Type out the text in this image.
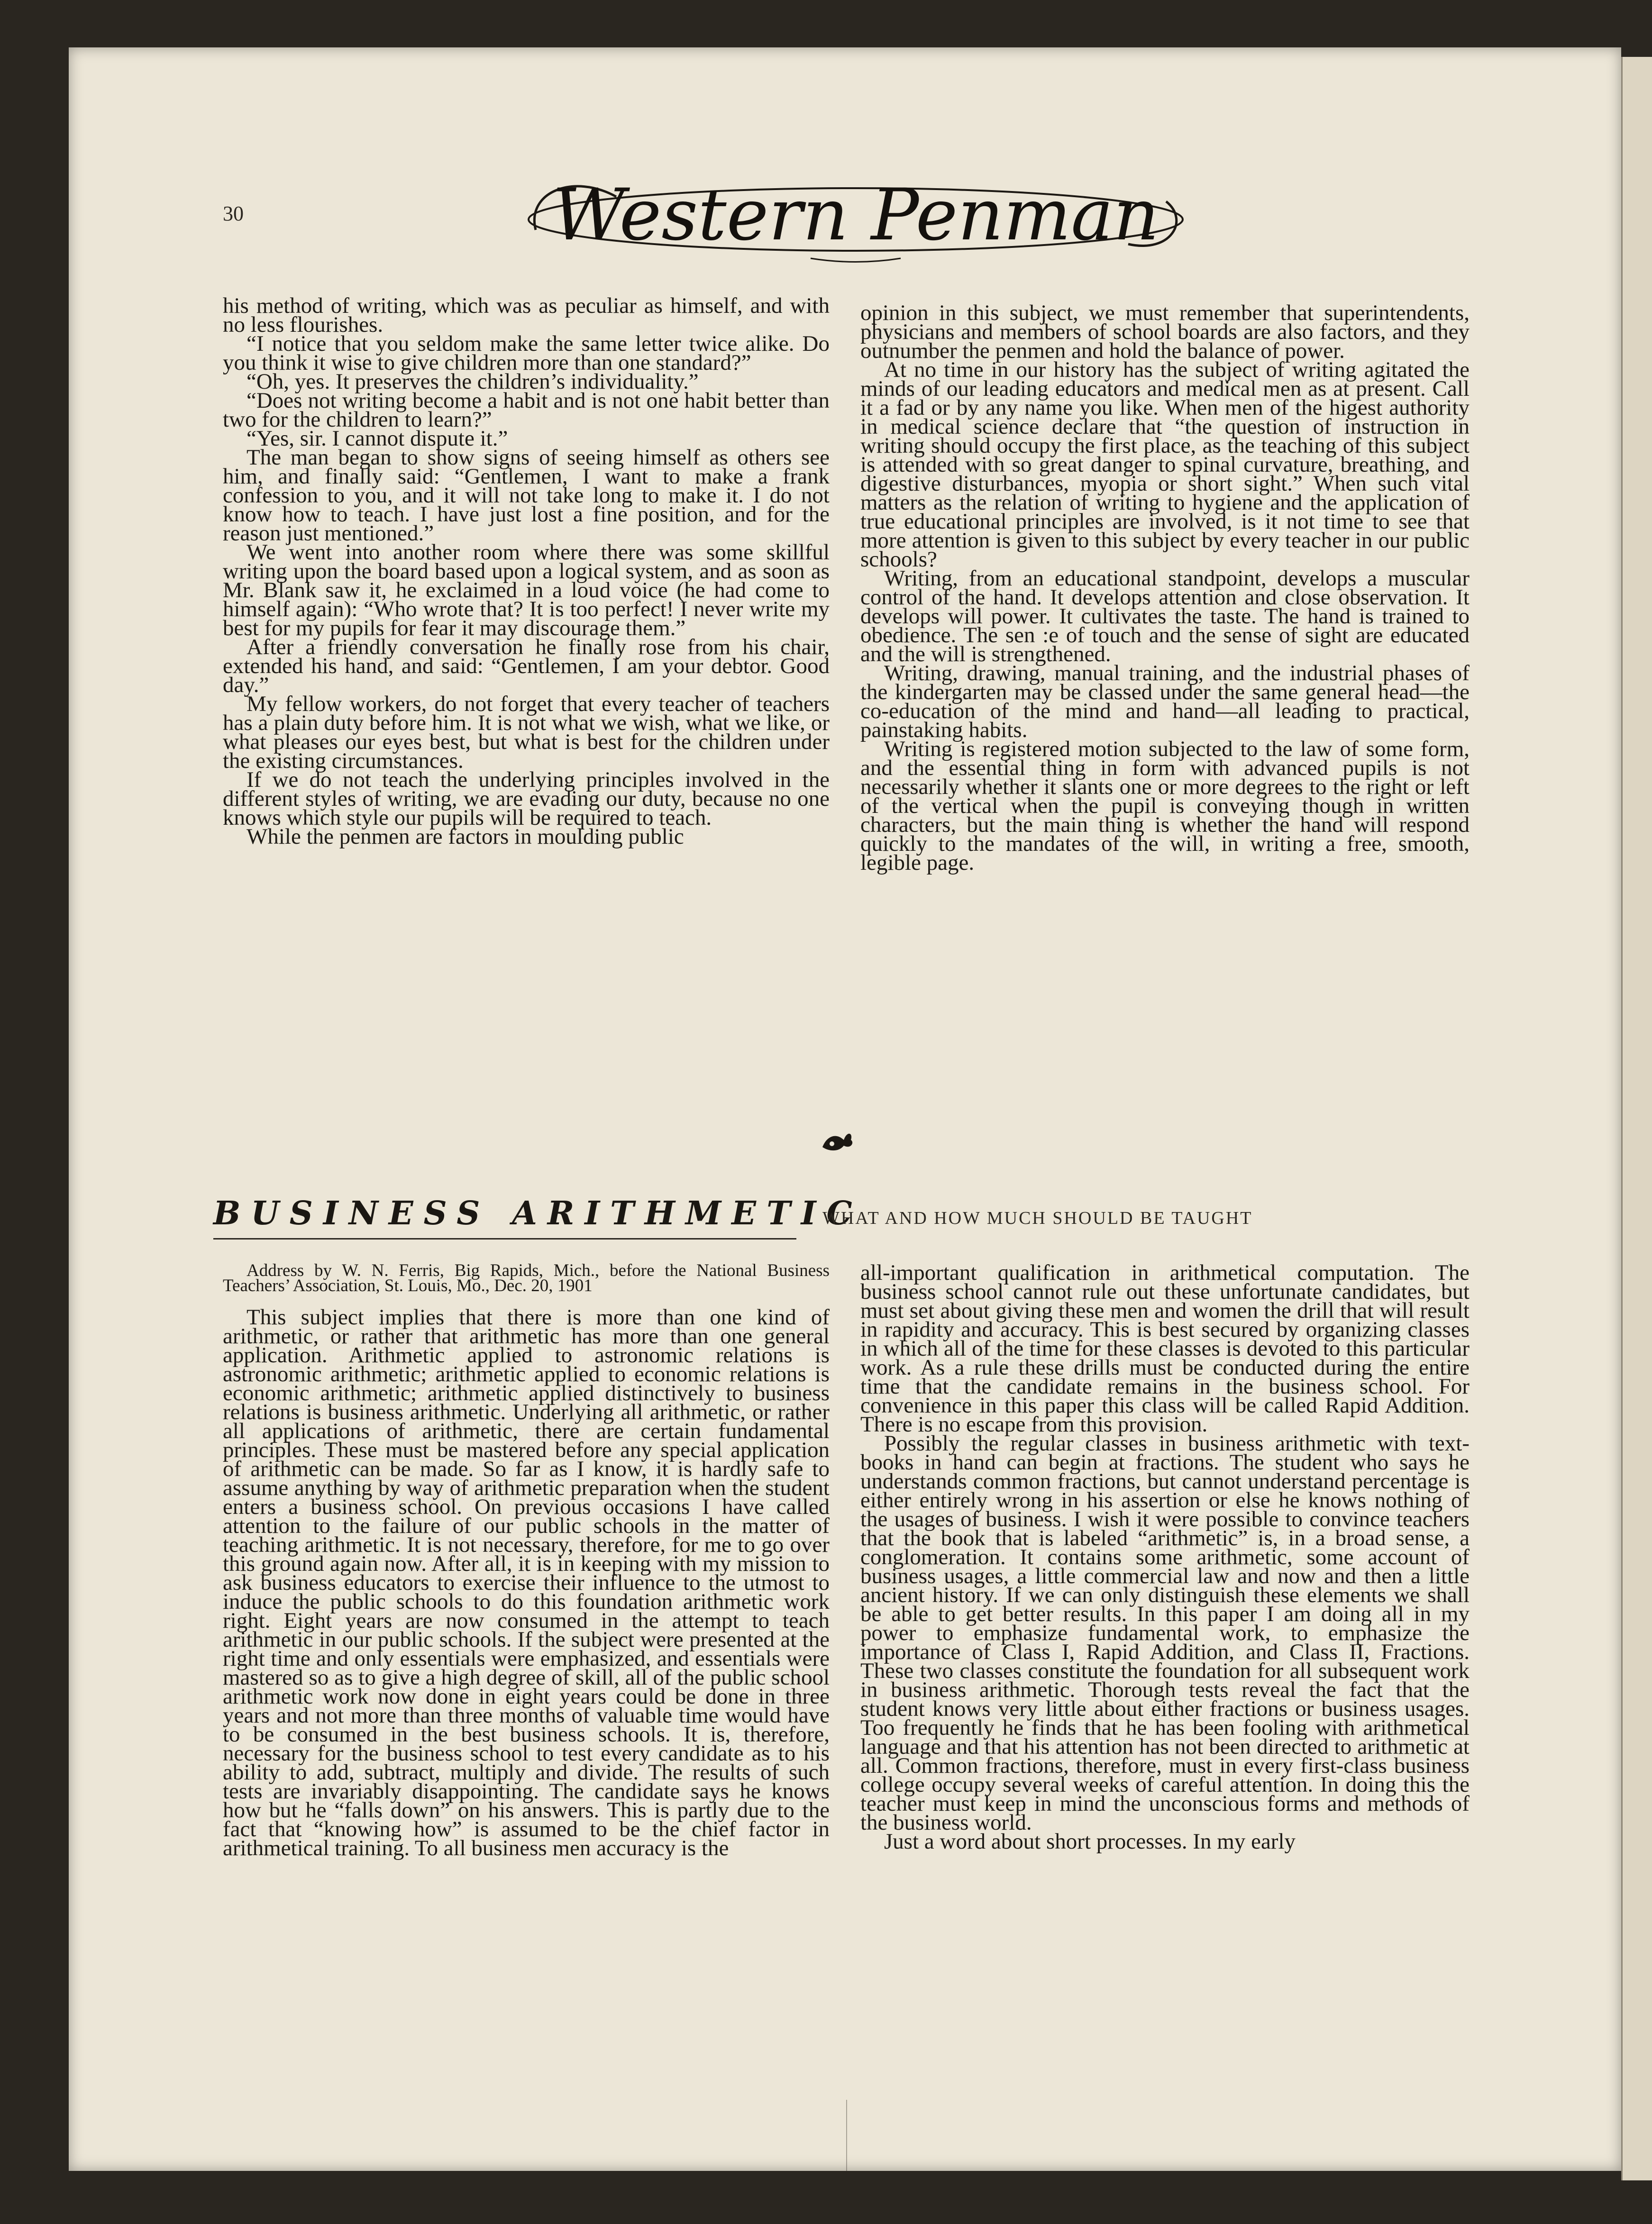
30	Western Penman

his method of writing, which was as peculiar as himself, and with no less flourishes.

“I notice that you seldom make the same letter twice alike. Do you think it wise to give children more than one standard?”

“Oh, yes. It preserves the children’s individuality.”

“Does not writing become a habit and is not one habit better than two for the children to learn?”

“Yes, sir. I cannot dispute it.”

The man began to show signs of seeing himself as others see him, and finally said: “Gentlemen, I want to make a frank confession to you, and it will not take long to make it. I do not know how to teach. I have just lost a fine position, and for the reason just mentioned.”

We went into another room where there was some skillful writing upon the board based upon a logical system, and as soon as Mr. Blank saw it, he exclaimed in a loud voice (he had come to himself again): “Who wrote that? It is too perfect! I never write my best for my pupils for fear it may discourage them.”

After a friendly conversation he finally rose from his chair, extended his hand, and said: “Gentlemen, I am your debtor. Good day.”

My fellow workers, do not forget that every teacher of teachers has a plain duty before him. It is not what we wish, what we like, or what pleases our eyes best, but what is best for the children under the existing circumstances.

If we do not teach the underlying principles involved in the different styles of writing, we are evading our duty, because no one knows which style our pupils will be required to teach.

While the penmen are factors in moulding public

opinion in this subject, we must remember that superintendents, physicians and members of school boards are also factors, and they outnumber the penmen and hold the balance of power.

At no time in our history has the subject of writing agitated the minds of our leading educators and medical men as at present. Call it a fad or by any name you like. When men of the higest authority in medical science declare that “the question of instruction in writing should occupy the first place, as the teaching of this subject is attended with so great danger to spinal curvature, breathing, and digestive disturbances, myopia or short sight.” When such vital matters as the relation of writing to hygiene and the application of true educational principles are involved, is it not time to see that more attention is given to this subject by every teacher in our public schools?

Writing, from an educational standpoint, develops a muscular control of the hand. It develops attention and close observation. It develops will power. It cultivates the taste. The hand is trained to obedience. The sen :e of touch and the sense of sight are educated and the will is strengthened.

Writing, drawing, manual training, and the industrial phases of the kindergarten may be classed under the same general head—the co-education of the mind and hand—all leading to practical, painstaking habits.

Writing is registered motion subjected to the law of some form, and the essential thing in form with advanced pupils is not necessarily whether it slants one or more degrees to the right or left of the vertical when the pupil is conveying though in written characters, but the main thing is whether the hand will respond quickly to the mandates of the will, in writing a free, smooth, legible page.

BUSINESS ARITHMETIC
WHAT AND HOW MUCH SHOULD BE TAUGHT

Address by W. N. Ferris, Big Rapids, Mich., before the National Business Teachers’ Association, St. Louis, Mo., Dec. 20, 1901

This subject implies that there is more than one kind of arithmetic, or rather that arithmetic has more than one general application. Arithmetic applied to astronomic relations is astronomic arithmetic; arithmetic applied to economic relations is economic arithmetic; arithmetic applied distinctively to business relations is business arithmetic. Underlying all arithmetic, or rather all applications of arithmetic, there are certain fundamental principles. These must be mastered before any special application of arithmetic can be made. So far as I know, it is hardly safe to assume anything by way of arithmetic preparation when the student enters a business school. On previous occasions I have called attention to the failure of our public schools in the matter of teaching arithmetic. It is not necessary, therefore, for me to go over this ground again now. After all, it is in keeping with my mission to ask business educators to exercise their influence to the utmost to induce the public schools to do this foundation arithmetic work right. Eight years are now consumed in the attempt to teach arithmetic in our public schools. If the subject were presented at the right time and only essentials were emphasized, and essentials were mastered so as to give a high degree of skill, all of the public school arithmetic work now done in eight years could be done in three years and not more than three months of valuable time would have to be consumed in the best business schools. It is, therefore, necessary for the business school to test every candidate as to his ability to add, subtract, multiply and divide. The results of such tests are invariably disappointing. The candidate says he knows how but he “falls down” on his answers. This is partly due to the fact that “knowing how” is assumed to be the chief factor in arithmetical training. To all business men accuracy is the

all-important qualification in arithmetical computation. The business school cannot rule out these unfortunate candidates, but must set about giving these men and women the drill that will result in rapidity and accuracy. This is best secured by organizing classes in which all of the time for these classes is devoted to this particular work. As a rule these drills must be conducted during the entire time that the candidate remains in the business school. For convenience in this paper this class will be called Rapid Addition. There is no escape from this provision.

Possibly the regular classes in business arithmetic with text-books in hand can begin at fractions. The student who says he understands common fractions, but cannot understand percentage is either entirely wrong in his assertion or else he knows nothing of the usages of business. I wish it were possible to convince teachers that the book that is labeled “arithmetic” is, in a broad sense, a conglomeration. It contains some arithmetic, some account of business usages, a little commercial law and now and then a little ancient history. If we can only distinguish these elements we shall be able to get better results. In this paper I am doing all in my power to emphasize fundamental work, to emphasize the importance of Class I, Rapid Addition, and Class II, Fractions. These two classes constitute the foundation for all subsequent work in business arithmetic. Thorough tests reveal the fact that the student knows very little about either fractions or business usages. Too frequently he finds that he has been fooling with arithmetical language and that his attention has not been directed to arithmetic at all. Common fractions, therefore, must in every first-class business college occupy several weeks of careful attention. In doing this the teacher must keep in mind the unconscious forms and methods of the business world.

Just a word about short processes. In my early
